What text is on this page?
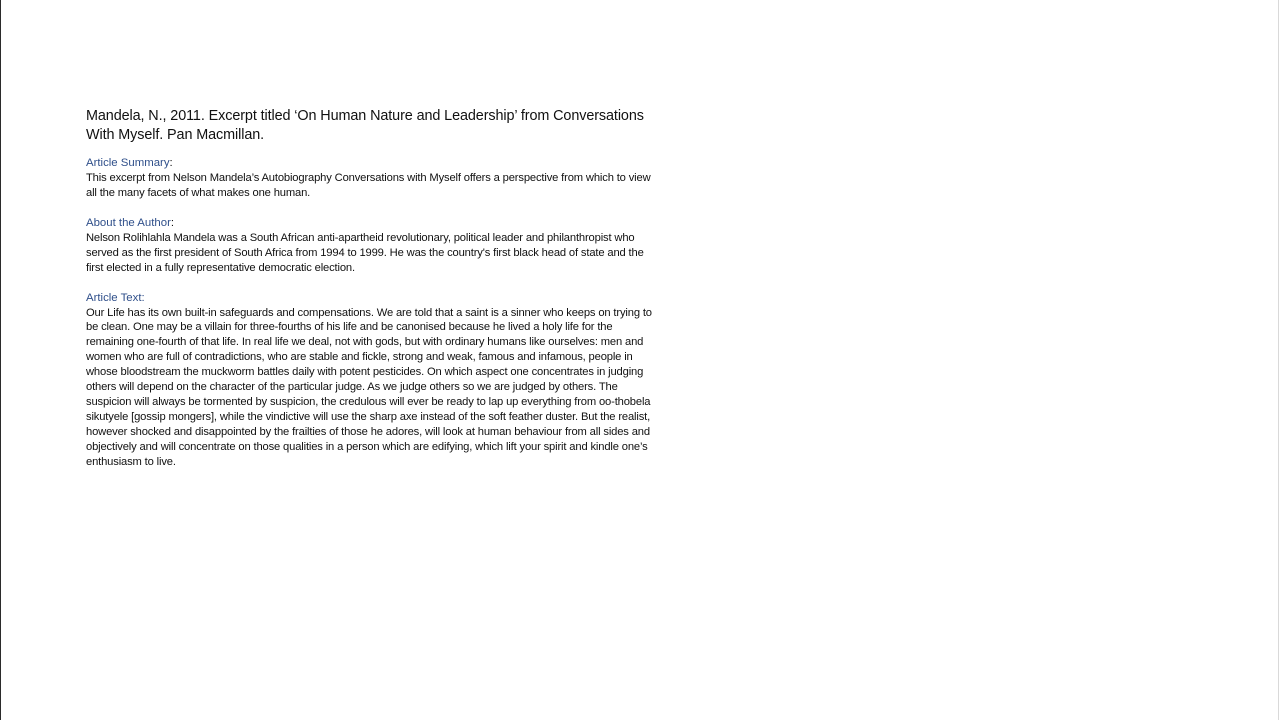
Mandela, N., 2011. Excerpt titled ‘On Human Nature and Leadership’ from Conversations With Myself. Pan Macmillan.

Article Summary:

This excerpt from Nelson Mandela’s Autobiography Conversations with Myself offers a perspective from which to view all the many facets of what makes one human.

About the Author:

Nelson Rolihlahla Mandela was a South African anti-apartheid revolutionary, political leader and philanthropist who served as the first president of South Africa from 1994 to 1999. He was the country's first black head of state and the first elected in a fully representative democratic election.

Article Text:

Our Life has its own built-in safeguards and compensations. We are told that a saint is a sinner who keeps on trying to be clean. One may be a villain for three-fourths of his life and be canonised because he lived a holy life for the remaining one-fourth of that life. In real life we deal, not with gods, but with ordinary humans like ourselves: men and women who are full of contradictions, who are stable and fickle, strong and weak, famous and infamous, people in whose bloodstream the muckworm battles daily with potent pesticides. On which aspect one concentrates in judging others will depend on the character of the particular judge. As we judge others so we are judged by others. The suspicion will always be tormented by suspicion, the credulous will ever be ready to lap up everything from oo-thobela sikutyele [gossip mongers], while the vindictive will use the sharp axe instead of the soft feather duster. But the realist, however shocked and disappointed by the frailties of those he adores, will look at human behaviour from all sides and objectively and will concentrate on those qualities in a person which are edifying, which lift your spirit and kindle one’s enthusiasm to live.
